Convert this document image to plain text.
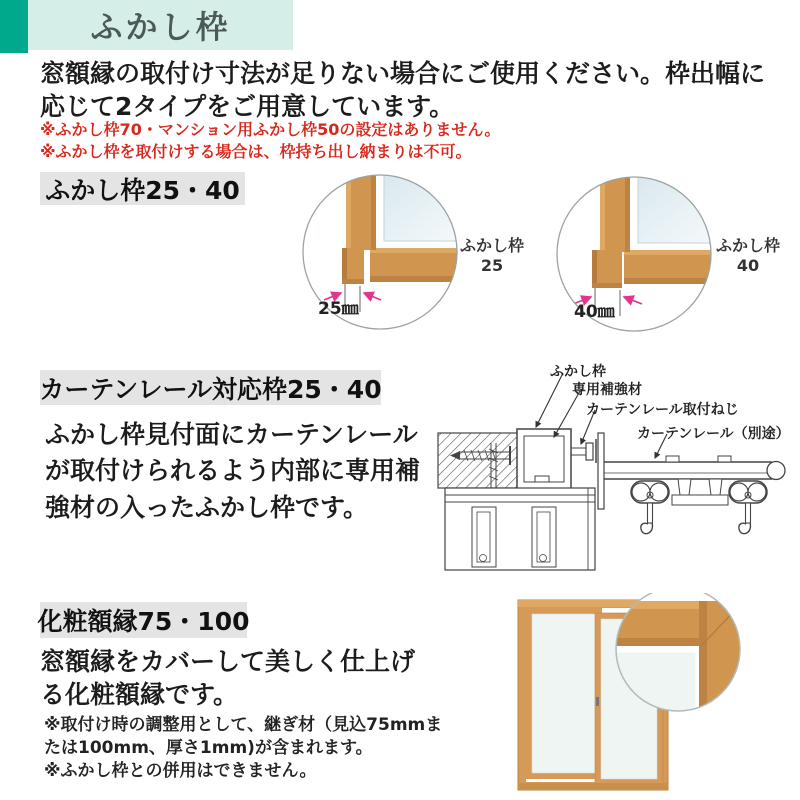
ふかし枠
窓額縁の取付け寸法が足りない場合にご使用ください。枠出幅に応じて2タイプをご用意しています。
※ふかし枠70・マンション用ふかし枠50の設定はありません。
※ふかし枠を取付けする場合は、枠持ち出し納まりは不可。
ふかし枠25・40
25㎜
ふかし枠
25
40㎜
ふかし枠
40
カーテンレール対応枠25・40
ふかし枠見付面にカーテンレールが取付けられるよう内部に専用補強材の入ったふかし枠です。
ふかし枠
専用補強材
カーテンレール取付ねじ
カーテンレール（別途）
化粧額縁75・100
窓額縁をカバーして美しく仕上げる化粧額縁です。
※取付け時の調整用として、継ぎ材（見込75mmまたは100mm、厚さ1mm)が含まれます。
※ふかし枠との併用はできません。
